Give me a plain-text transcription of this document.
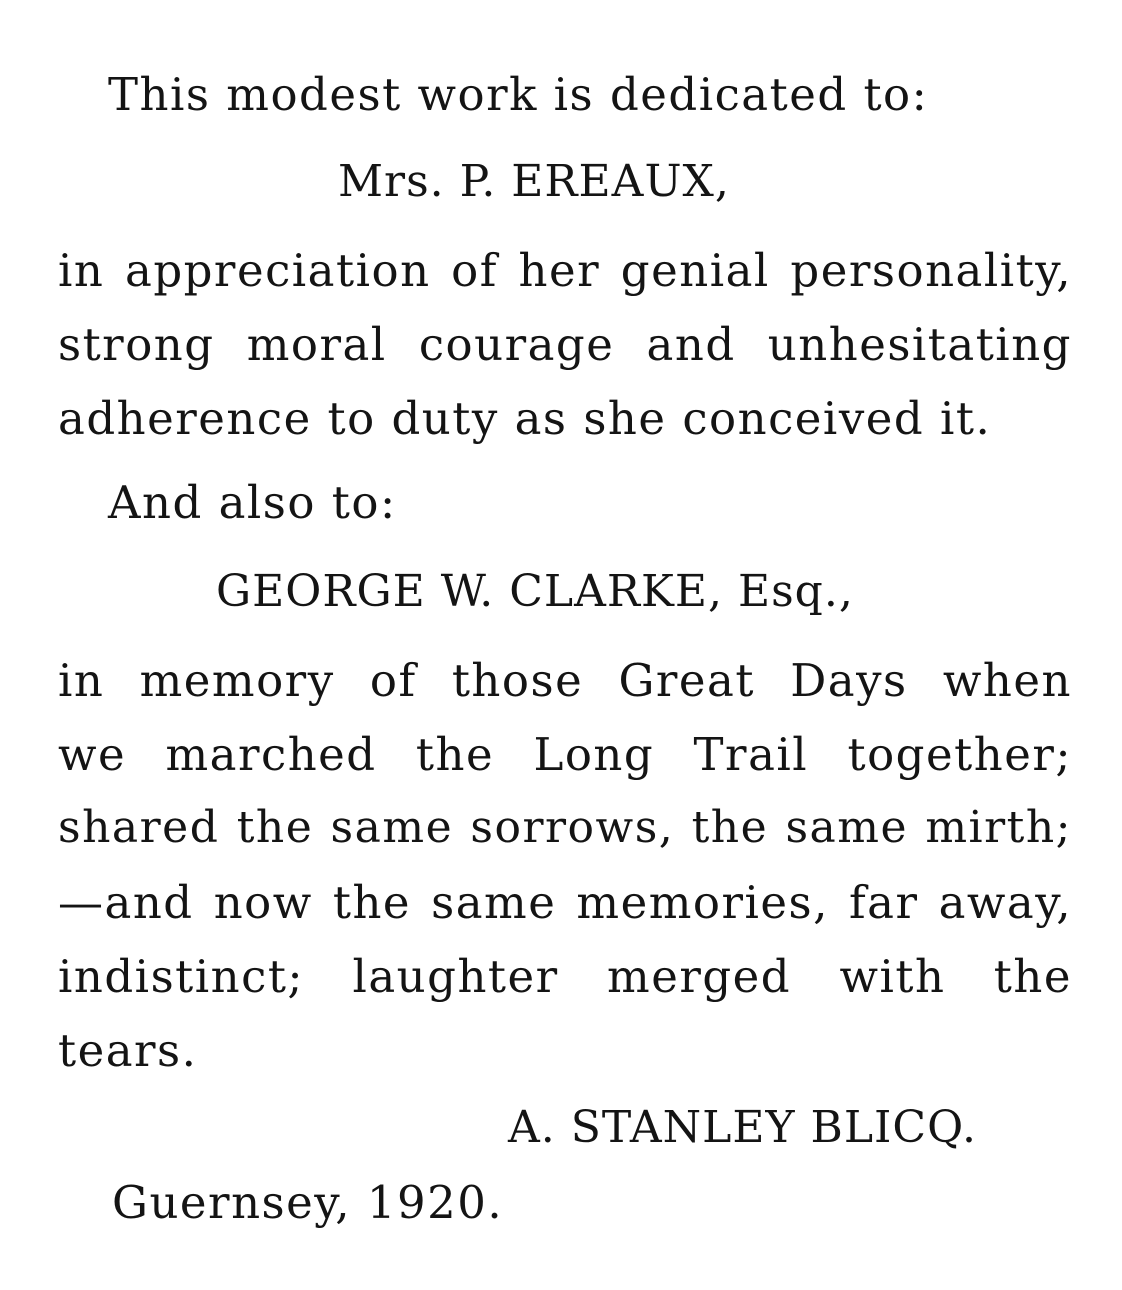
This modest work is dedicated to:
Mrs. P. EREAUX,
in appreciation of her genial personality,
strong moral courage and unhesitating
adherence to duty as she conceived it.
And also to:
GEORGE W. CLARKE, Esq.,
in memory of those Great Days when
we marched the Long Trail together;
shared the same sorrows, the same mirth;
—and now the same memories, far away,
indistinct; laughter merged with the
tears.
A. STANLEY BLICQ.
Guernsey, 1920.
